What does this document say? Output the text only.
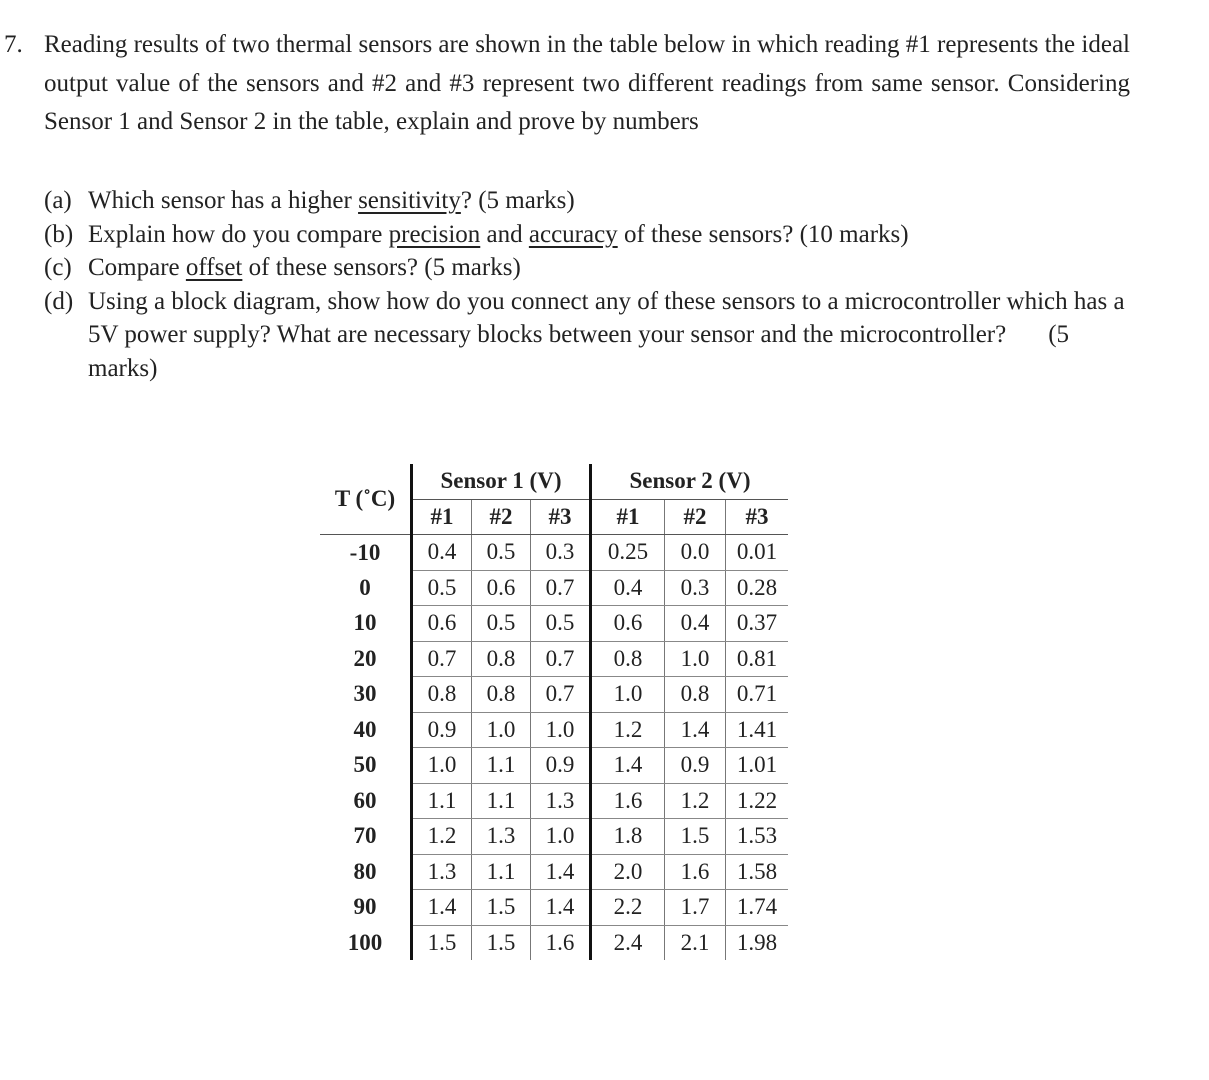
7. Reading results of two thermal sensors are shown in the table below in which reading #1 represents the ideal output value of the sensors and #2 and #3 represent two different readings from same sensor. Considering Sensor 1 and Sensor 2 in the table, explain and prove by numbers

(a) Which sensor has a higher sensitivity? (5 marks)
(b) Explain how do you compare precision and accuracy of these sensors? (10 marks)
(c) Compare offset of these sensors? (5 marks)
(d) Using a block diagram, show how do you connect any of these sensors to a microcontroller which has a 5V power supply? What are necessary blocks between your sensor and the microcontroller? (5 marks)
T (˚C)	Sensor 1 (V)			Sensor 2 (V)		
	#1	#2	#3	#1	#2	#3
-10	0.4	0.5	0.3	0.25	0.0	0.01
0	0.5	0.6	0.7	0.4	0.3	0.28
10	0.6	0.5	0.5	0.6	0.4	0.37
20	0.7	0.8	0.7	0.8	1.0	0.81
30	0.8	0.8	0.7	1.0	0.8	0.71
40	0.9	1.0	1.0	1.2	1.4	1.41
50	1.0	1.1	0.9	1.4	0.9	1.01
60	1.1	1.1	1.3	1.6	1.2	1.22
70	1.2	1.3	1.0	1.8	1.5	1.53
80	1.3	1.1	1.4	2.0	1.6	1.58
90	1.4	1.5	1.4	2.2	1.7	1.74
100	1.5	1.5	1.6	2.4	2.1	1.98
